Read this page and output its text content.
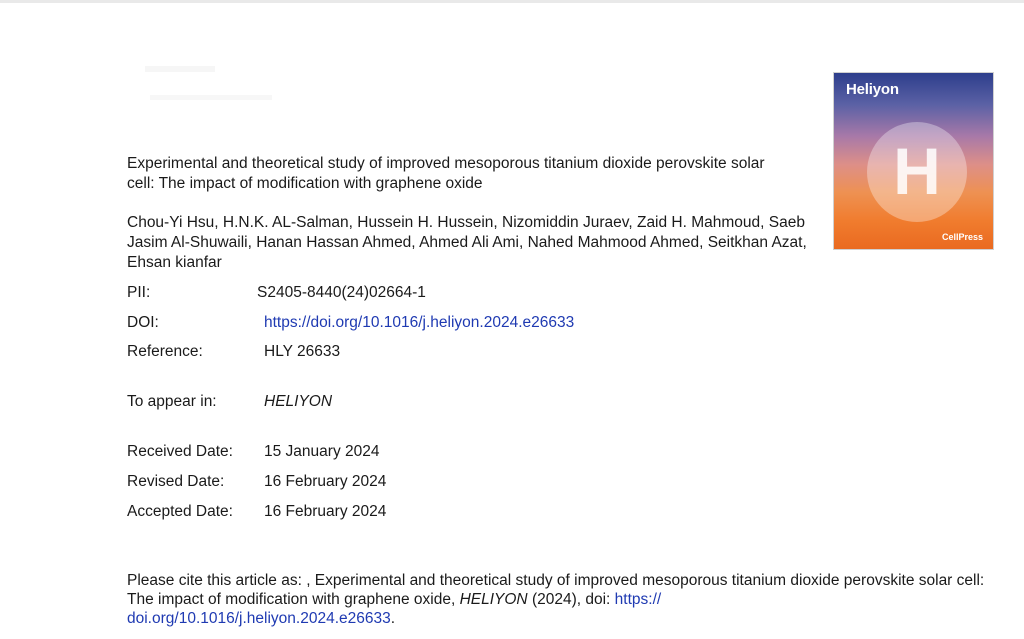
Experimental and theoretical study of improved mesoporous titanium dioxide perovskite solar cell: The impact of modification with graphene oxide
Chou-Yi Hsu, H.N.K. AL-Salman, Hussein H. Hussein, Nizomiddin Juraev, Zaid H. Mahmoud, Saeb Jasim Al-Shuwaili, Hanan Hassan Ahmed, Ahmed Ali Ami, Nahed Mahmood Ahmed, Seitkhan Azat, Ehsan kianfar
PII:	S2405-8440(24)02664-1
DOI:	https://doi.org/10.1016/j.heliyon.2024.e26633
Reference:	HLY 26633
To appear in:	HELIYON
Received Date: 15 January 2024
Revised Date:	16 February 2024
Accepted Date: 16 February 2024
Please cite this article as: , Experimental and theoretical study of improved mesoporous titanium dioxide perovskite solar cell: The impact of modification with graphene oxide, HELIYON (2024), doi: https://
doi.org/10.1016/j.heliyon.2024.e26633.
Heliyon
H
CellPress
